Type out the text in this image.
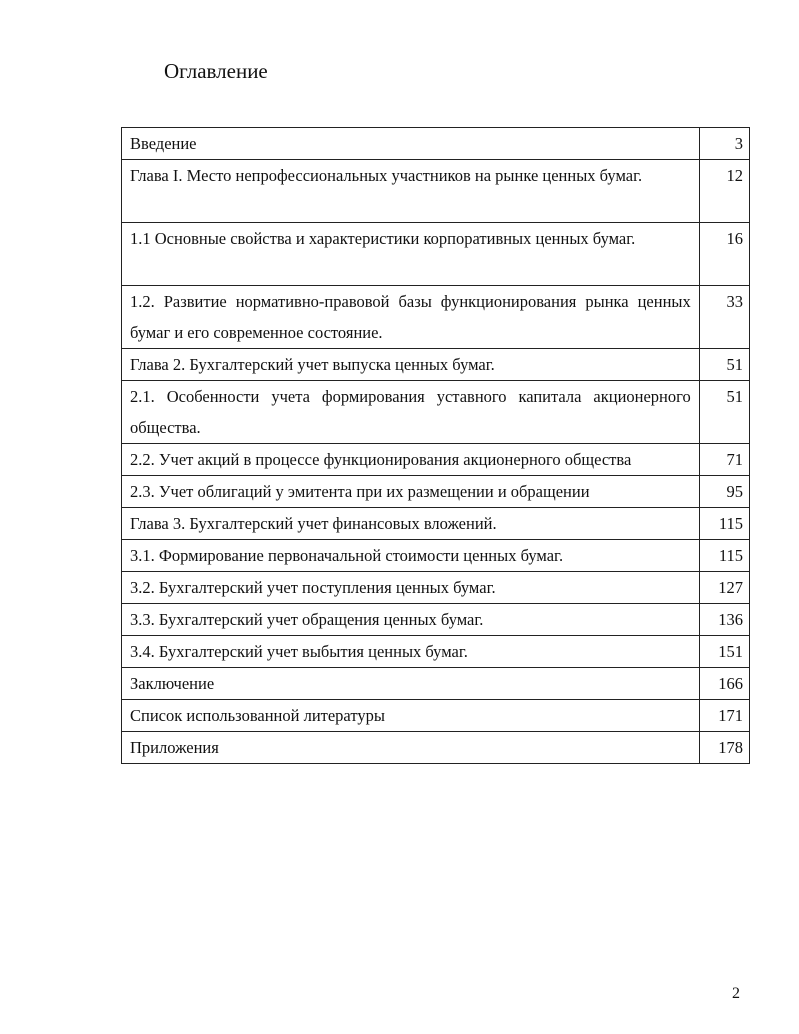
Оглавление
Введение	3
Глава I. Место непрофессиональных участников на рынке ценных бумаг.	12
1.1 Основные свойства и характеристики корпоративных ценных бумаг.	16
1.2. Развитие нормативно-правовой базы функционирования рынка ценных бумаг и его современное состояние.	33
Глава 2. Бухгалтерский учет выпуска ценных бумаг.	51
2.1. Особенности учета формирования уставного капитала акционерного общества.	51
2.2. Учет акций в процессе функционирования акционерного общества	71
2.3. Учет облигаций у эмитента при их размещении и обращении	95
Глава 3. Бухгалтерский учет финансовых вложений.	115
3.1. Формирование первоначальной стоимости ценных бумаг.	115
3.2. Бухгалтерский учет поступления ценных бумаг.	127
3.3. Бухгалтерский учет обращения ценных бумаг.	136
3.4. Бухгалтерский учет выбытия ценных бумаг.	151
Заключение	166
Список использованной литературы	171
Приложения	178
2
